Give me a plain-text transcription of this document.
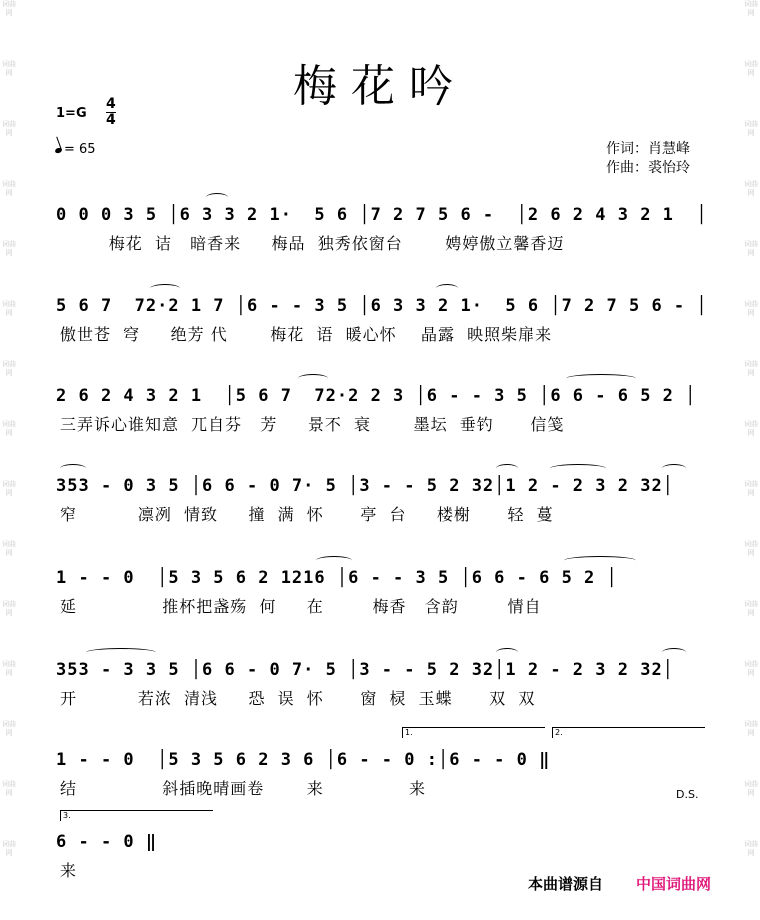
词曲网
词曲网
词曲网
词曲网
词曲网
词曲网
词曲网
词曲网
词曲网
词曲网
词曲网
词曲网
词曲网
词曲网
词曲网
词曲网
词曲网
词曲网
词曲网
词曲网
词曲网
词曲网
词曲网
词曲网
词曲网
词曲网
词曲网
词曲网
词曲网
词曲网
梅花吟
1=G
4
4
= 65	作词：肖慧峰
作曲：裘怡玲
0 0 0 3 5 │6 3 3 2 1·  5 6 │7 2 7 5 6 -  │2 6 2 4 3 2 1  │
梅花  诘   暗香来     梅品  独秀依窗台       娉婷傲立馨香迈
5 6 7  72·2 1 7 │6 - - 3 5 │6 3 3 2 1·  5 6 │7 2 7 5 6 - │
傲世苍  穹     绝芳 代       梅花  语  暖心怀    晶露  映照柴扉来
2 6 2 4 3 2 1  │5 6 7  72·2 2 3 │6 - - 3 5 │6 6 - 6 5 2 │
三弄诉心谁知意  兀自芬   芳     景不  衰       墨坛  垂钓      信笺
353 - 0 3 5 │6 6 - 0 7· 5 │3 - - 5 2 32│1 2 - 2 3 2 32│
窄          凛冽  情致     撞  满  怀      亭  台     楼榭      轻  蔓
1 - - 0  │5 3 5 6 2 1216 │6 - - 3 5 │6 6 - 6 5 2 │
延              推杯把盏殇  何     在        梅香   含韵        情自
353 - 3 3 5 │6 6 - 0 7· 5 │3 - - 5 2 32│1 2 - 2 3 2 32│
开          若浓  清浅     恐  误  怀      窗  棂  玉蝶      双  双
1.	2.
1 - - 0  │5 3 5 6 2 3 6 │6 - - 0 :│6 - - 0 ‖
结              斜插晚晴画卷       来              来	D.S.
3.
6 - - 0 ‖
来
本曲谱源自 中国词曲网
